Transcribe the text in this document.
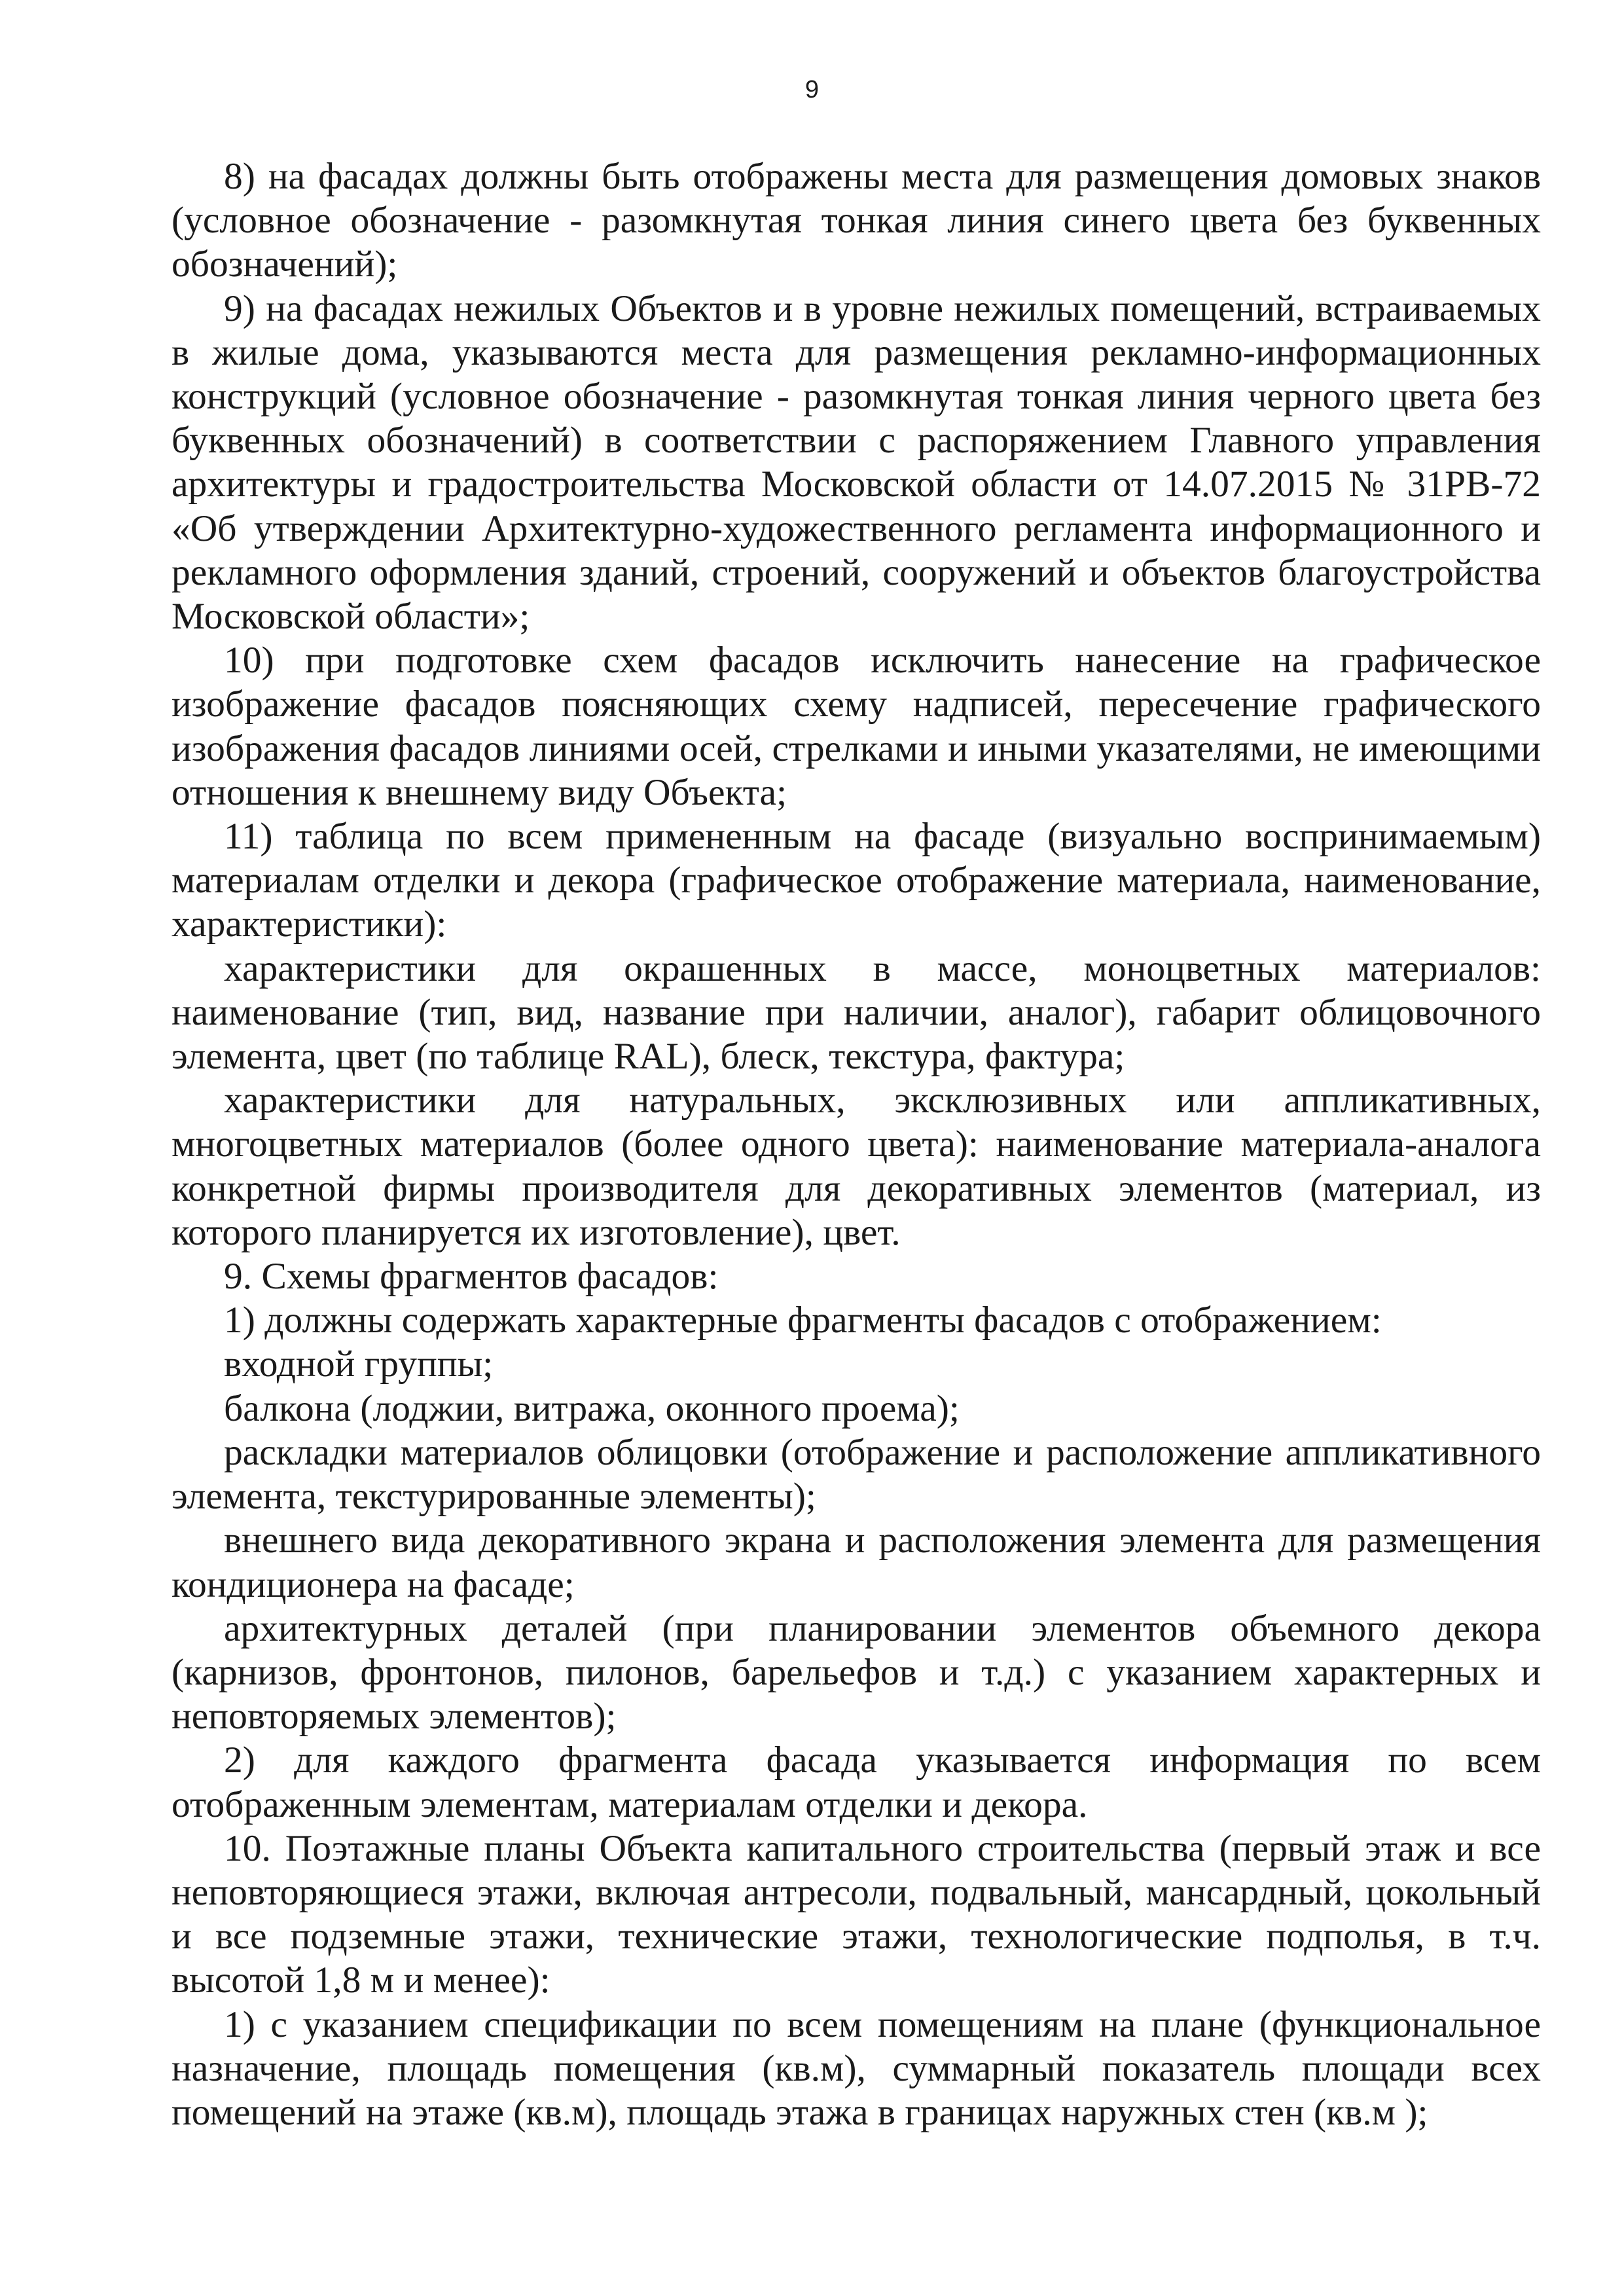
9

8) на фасадах должны быть отображены места для размещения домовых знаков (условное обозначение - разомкнутая тонкая линия синего цвета без буквенных обозначений);

9) на фасадах нежилых Объектов и в уровне нежилых помещений, встраиваемых в жилые дома, указываются места для размещения рекламно-информационных конструкций (условное обозначение - разомкнутая тонкая линия черного цвета без буквенных обозначений) в соответствии с распоряжением Главного управления архитектуры и градостроительства Московской области от 14.07.2015 № 31РВ-72 «Об утверждении Архитектурно-художественного регламента информационного и рекламного оформления зданий, строений, сооружений и объектов благоустройства Московской области»;

10) при подготовке схем фасадов исключить нанесение на графическое изображение фасадов поясняющих схему надписей, пересечение графического изображения фасадов линиями осей, стрелками и иными указателями, не имеющими отношения к внешнему виду Объекта;

11) таблица по всем примененным на фасаде (визуально воспринимаемым) материалам отделки и декора (графическое отображение материала, наименование, характеристики):

характеристики для окрашенных в массе, моноцветных материалов: наименование (тип, вид, название при наличии, аналог), габарит облицовочного элемента, цвет (по таблице RAL), блеск, текстура, фактура;

характеристики для натуральных, эксклюзивных или аппликативных, многоцветных материалов (более одного цвета): наименование материала-аналога конкретной фирмы производителя для декоративных элементов (материал, из которого планируется их изготовление), цвет.

9. Схемы фрагментов фасадов:

1) должны содержать характерные фрагменты фасадов с отображением:

входной группы;

балкона (лоджии, витража, оконного проема);

раскладки материалов облицовки (отображение и расположение аппликативного элемента, текстурированные элементы);

внешнего вида декоративного экрана и расположения элемента для размещения кондиционера на фасаде;

архитектурных деталей (при планировании элементов объемного декора (карнизов, фронтонов, пилонов, барельефов и т.д.) с указанием характерных и неповторяемых элементов);

2) для каждого фрагмента фасада указывается информация по всем отображенным элементам, материалам отделки и декора.

10. Поэтажные планы Объекта капитального строительства (первый этаж и все неповторяющиеся этажи, включая антресоли, подвальный, мансардный, цокольный и все подземные этажи, технические этажи, технологические подполья, в т.ч. высотой 1,8 м и менее):

1) с указанием спецификации по всем помещениям на плане (функциональное назначение, площадь помещения (кв.м), суммарный показатель площади всех помещений на этаже (кв.м), площадь этажа в границах наружных стен (кв.м );
